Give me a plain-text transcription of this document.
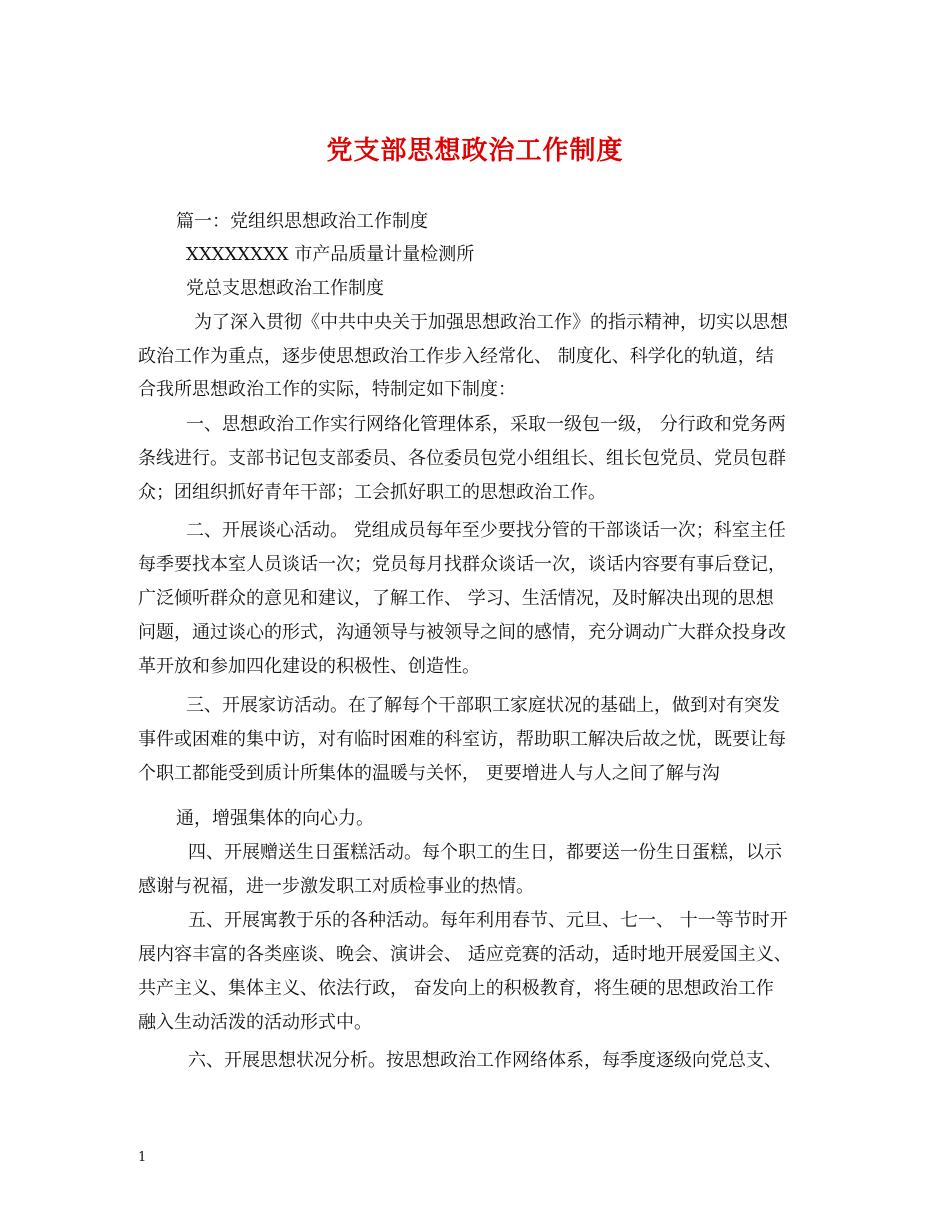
党支部思想政治工作制度
篇一：党组织思想政治工作制度
XXXXXXXX 市产品质量计量检测所
党总支思想政治工作制度
为了深入贯彻《中共中央关于加强思想政治工作》的指示精神，切实以思想
政治工作为重点，逐步使思想政治工作步入经常化、 制度化、科学化的轨道，结
合我所思想政治工作的实际，特制定如下制度：
一、思想政治工作实行网络化管理体系，采取一级包一级， 分行政和党务两
条线进行。支部书记包支部委员、各位委员包党小组组长、组长包党员、党员包群
众；团组织抓好青年干部；工会抓好职工的思想政治工作。
二、开展谈心活动。 党组成员每年至少要找分管的干部谈话一次；科室主任
每季要找本室人员谈话一次；党员每月找群众谈话一次，谈话内容要有事后登记，
广泛倾听群众的意见和建议，了解工作、 学习、生活情况，及时解决出现的思想
问题，通过谈心的形式，沟通领导与被领导之间的感情，充分调动广大群众投身改
革开放和参加四化建设的积极性、创造性。
三、开展家访活动。在了解每个干部职工家庭状况的基础上，做到对有突发
事件或困难的集中访，对有临时困难的科室访，帮助职工解决后故之忧，既要让每
个职工都能受到质计所集体的温暖与关怀， 更要增进人与人之间了解与沟
通，增强集体的向心力。
四、开展赠送生日蛋糕活动。每个职工的生日，都要送一份生日蛋糕，以示
感谢与祝福，进一步激发职工对质检事业的热情。
五、开展寓教于乐的各种活动。每年利用春节、元旦、七一、 十一等节时开
展内容丰富的各类座谈、晚会、演讲会、 适应竞赛的活动，适时地开展爱国主义、
共产主义、集体主义、依法行政， 奋发向上的积极教育，将生硬的思想政治工作
融入生动活泼的活动形式中。
六、开展思想状况分析。按思想政治工作网络体系，每季度逐级向党总支、
1
